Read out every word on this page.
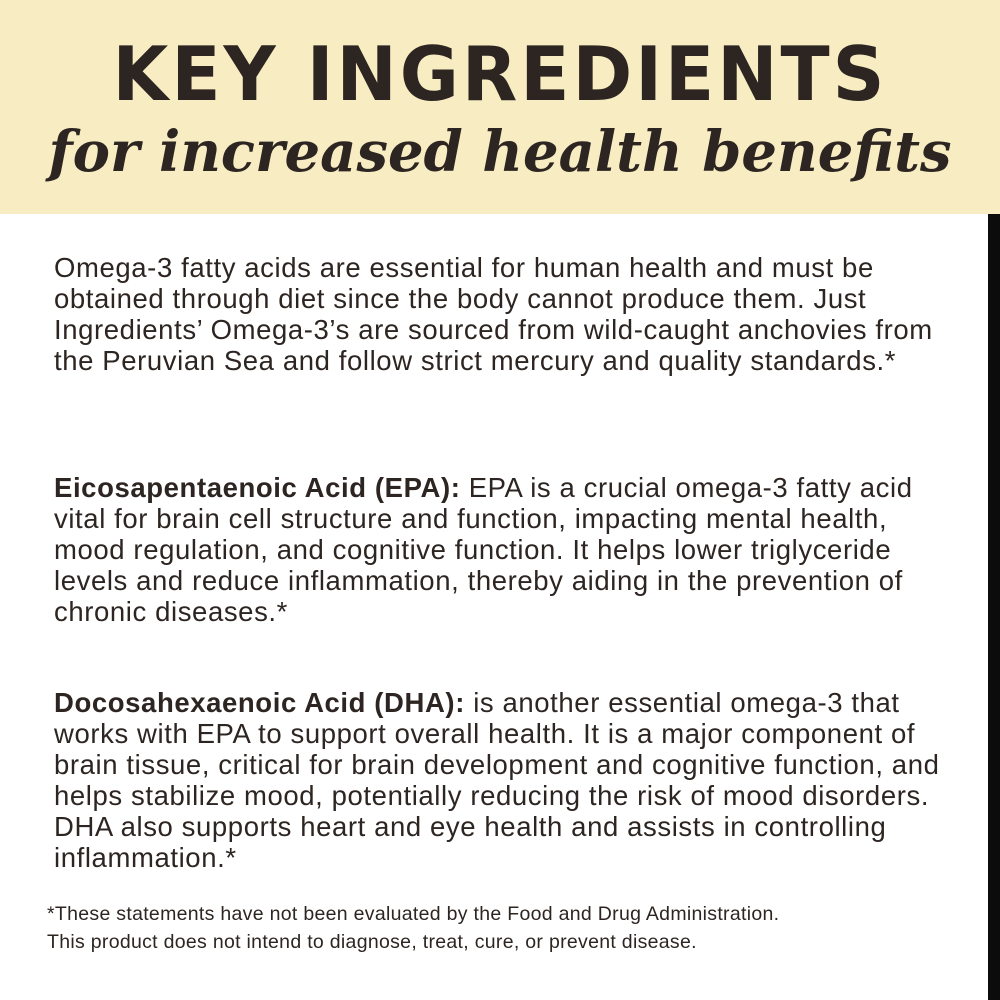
KEY INGREDIENTS
for increased health benefits

Omega-3 fatty acids are essential for human health and must be obtained through diet since the body cannot produce them. Just Ingredients’ Omega-3’s are sourced from wild-caught anchovies from the Peruvian Sea and follow strict mercury and quality standards.*

Eicosapentaenoic Acid (EPA): EPA is a crucial omega-3 fatty acid vital for brain cell structure and function, impacting mental health, mood regulation, and cognitive function. It helps lower triglyceride levels and reduce inflammation, thereby aiding in the prevention of chronic diseases.*

Docosahexaenoic Acid (DHA): is another essential omega-3 that works with EPA to support overall health. It is a major component of brain tissue, critical for brain development and cognitive function, and helps stabilize mood, potentially reducing the risk of mood disorders. DHA also supports heart and eye health and assists in controlling inflammation.*

*These statements have not been evaluated by the Food and Drug Administration.
This product does not intend to diagnose, treat, cure, or prevent disease.
